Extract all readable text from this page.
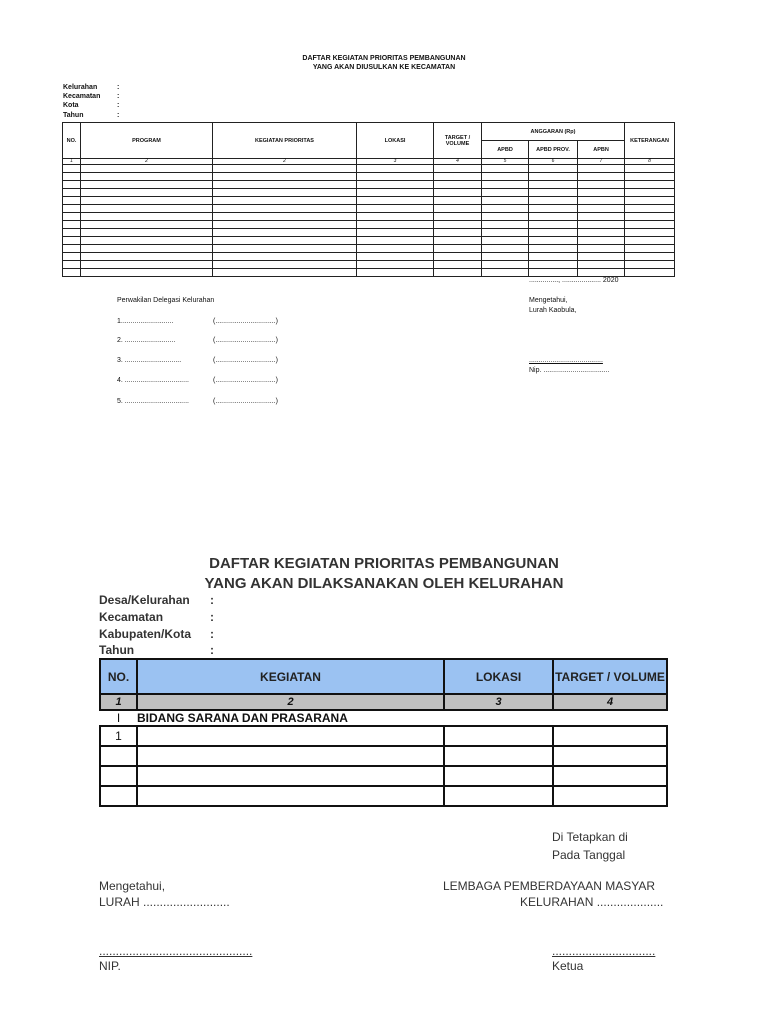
DAFTAR KEGIATAN PRIORITAS PEMBANGUNAN
YANG AKAN DIUSULKAN KE KECAMATAN
Kelurahan	:
Kecamatan :
Kota	:
Tahun	:
NO.	PROGRAM	KEGIATAN PRIORITAS	LOKASI	TARGET / VOLUME	ANGGARAN (Rp)			KETERANGAN
					APBD	APBD PROV.	APBN	
1	2	2	3	4	5	6	7	8

..............., .................... 2020
Perwakilan Delegasi Kelurahan
1...........................	(...............................)
2. ..........................	(...............................)
3. .............................	(...............................)
4. .................................	(...............................)
5. .................................	(...............................)
Mengetahui,
Lurah Kaobula,
......................................
Nip. ..................................
DAFTAR KEGIATAN PRIORITAS PEMBANGUNAN
YANG AKAN DILAKSANAKAN OLEH KELURAHAN
Desa/Kelurahan :
Kecamatan	:
Kabupaten/Kota :
Tahun	:
NO.	KEGIATAN	LOKASI	TARGET / VOLUME
1	2	3	4
I	BIDANG SARANA DAN PRASARANA		
1			

Di Tetapkan di
Pada Tanggal
Mengetahui,
LURAH ..........................
LEMBAGA PEMBERDAYAAN MASYAR
KELURAHAN ....................
..............................................
NIP.
...............................
Ketua
